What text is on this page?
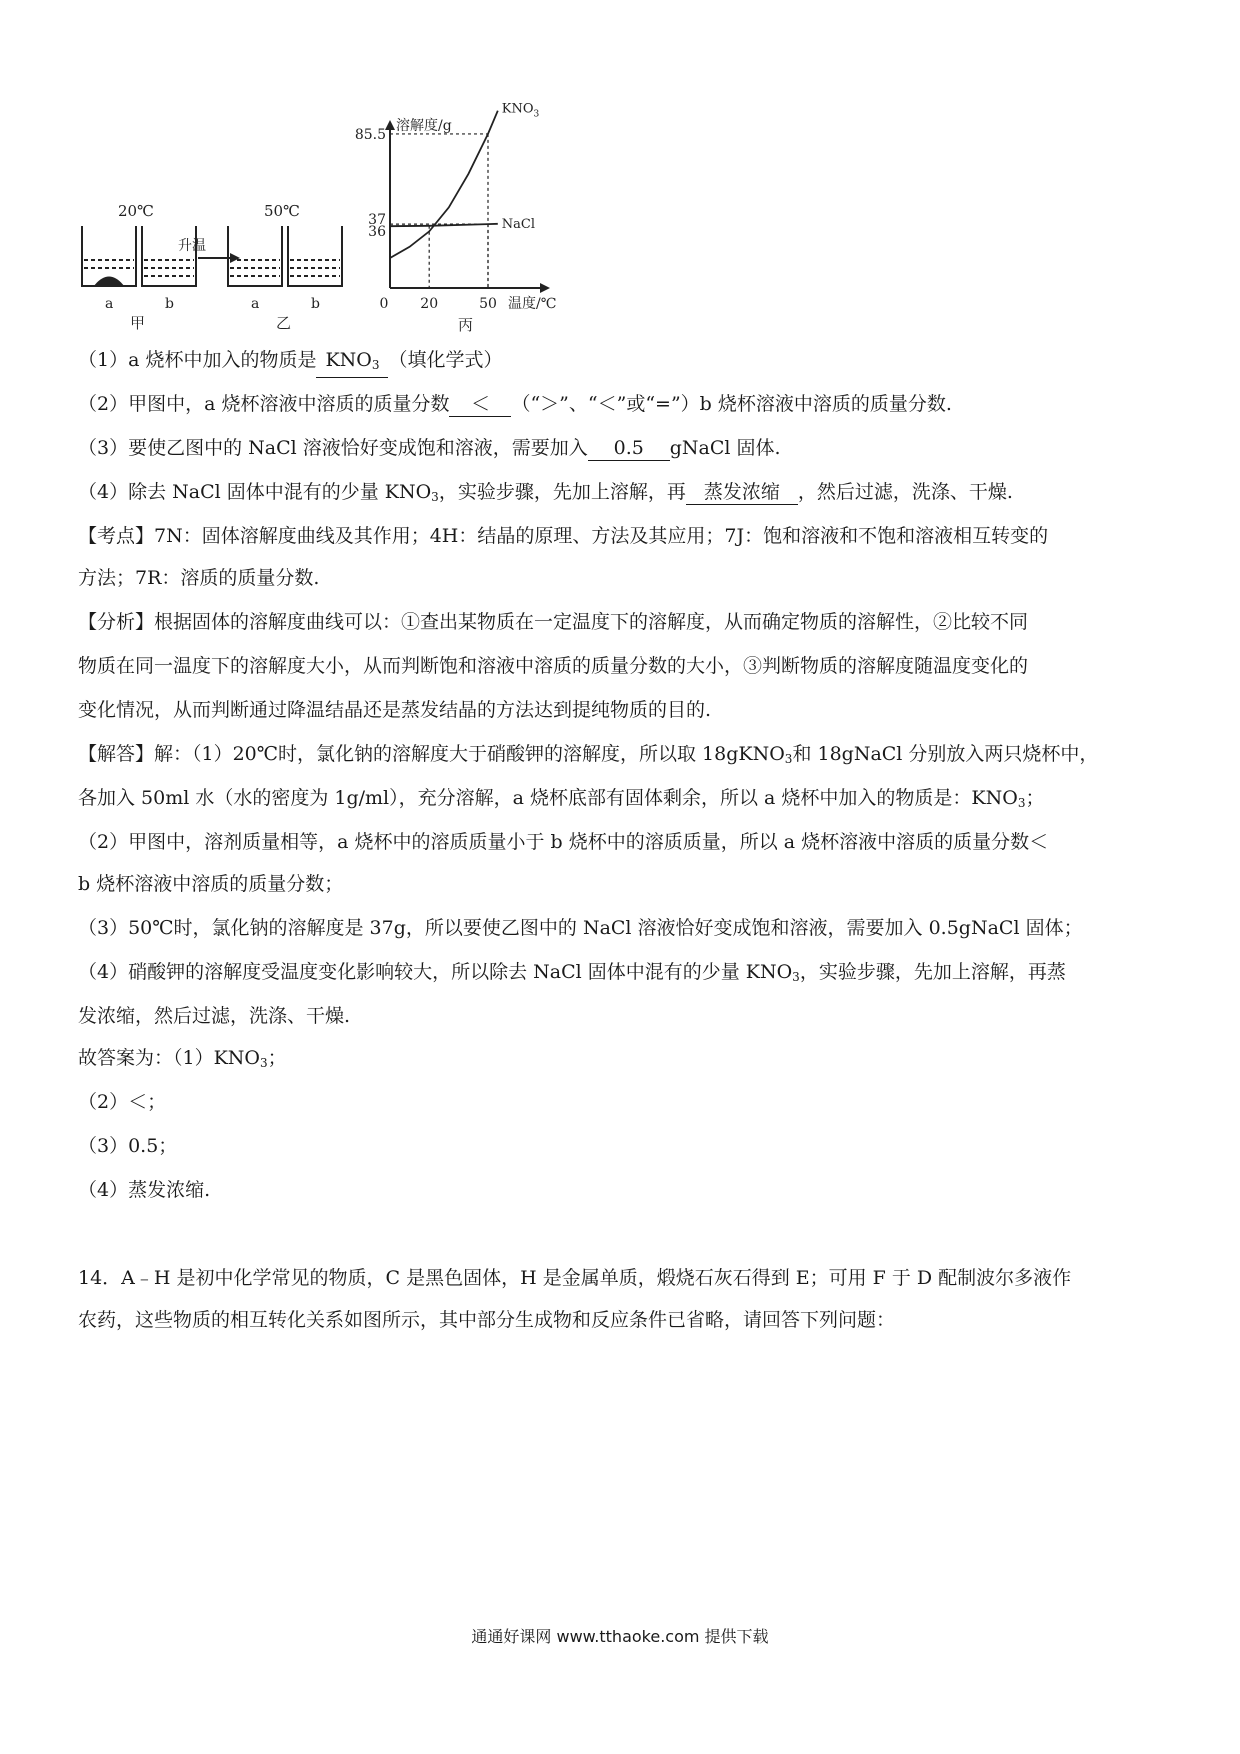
20℃
a	b
甲
升温
50℃
a	b
乙
溶解度/g
温度/℃
丙
36
37
85.5
0 20	50
$KNO_3$
NaCl
（1）a 烧杯中加入的物质是 $KNO_3$ （填化学式）
（2）甲图中，a 烧杯溶液中溶质的质量分数 ＜ （“＞”、“＜”或“=”）b 烧杯溶液中溶质的质量分数.
（3）要使乙图中的 NaCl 溶液恰好变成饱和溶液，需要加入 0.5 gNaCl 固体.
（4）除去 NaCl 固体中混有的少量 $KNO_3$，实验步骤，先加上溶解，再 蒸发浓缩 ，然后过滤，洗涤、干燥.
【考点】7N：固体溶解度曲线及其作用；4H：结晶的原理、方法及其应用；7J：饱和溶液和不饱和溶液相互转变的
方法；7R：溶质的质量分数.
【分析】根据固体的溶解度曲线可以：①查出某物质在一定温度下的溶解度，从而确定物质的溶解性，②比较不同
物质在同一温度下的溶解度大小，从而判断饱和溶液中溶质的质量分数的大小，③判断物质的溶解度随温度变化的
变化情况，从而判断通过降温结晶还是蒸发结晶的方法达到提纯物质的目的.
【解答】解：（1）20℃时，氯化钠的溶解度大于硝酸钾的溶解度，所以取 18gKNO$_3$和 18gNaCl 分别放入两只烧杯中，
各加入 50ml 水（水的密度为 1g/ml），充分溶解，a 烧杯底部有固体剩余，所以 a 烧杯中加入的物质是：$KNO_3$；
（2）甲图中，溶剂质量相等，a 烧杯中的溶质质量小于 b 烧杯中的溶质质量，所以 a 烧杯溶液中溶质的质量分数＜
b 烧杯溶液中溶质的质量分数；
（3）50℃时，氯化钠的溶解度是 37g，所以要使乙图中的 NaCl 溶液恰好变成饱和溶液，需要加入 0.5gNaCl 固体；
（4）硝酸钾的溶解度受温度变化影响较大，所以除去 NaCl 固体中混有的少量 $KNO_3$，实验步骤，先加上溶解，再蒸
发浓缩，然后过滤，洗涤、干燥.
故答案为：$(1)KNO_3$；
（2）＜；
（3）0.5；
（4）蒸发浓缩.
14．A﹣H 是初中化学常见的物质，C 是黑色固体，H 是金属单质，煅烧石灰石得到 E；可用 F 于 D 配制波尔多液作
农药，这些物质的相互转化关系如图所示，其中部分生成物和反应条件已省略，请回答下列问题：
通通好课网 www.tthaoke.com 提供下载
